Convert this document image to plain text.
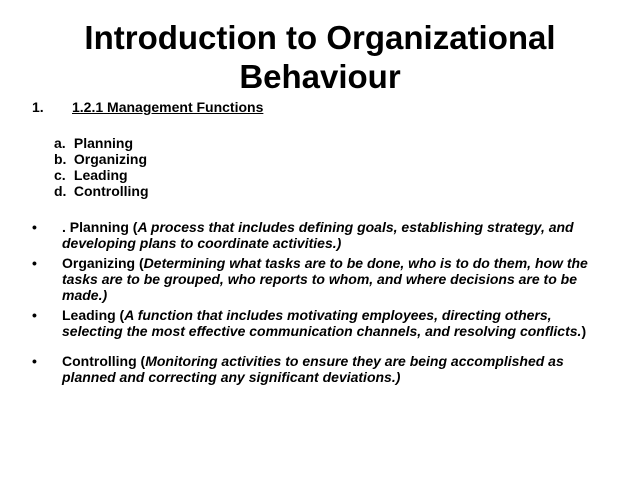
Introduction to Organizational Behaviour
1. 1.2.1 Management Functions
a. Planning
b. Organizing
c. Leading
d. Controlling
•	. Planning (A process that includes defining goals, establishing strategy, and developing plans to coordinate activities.)
•	Organizing (Determining what tasks are to be done, who is to do them, how the tasks are to be grouped, who reports to whom, and where decisions are to be made.)
•	Leading (A function that includes motivating employees, directing others, selecting the most effective communication channels, and resolving conflicts.)
•	Controlling (Monitoring activities to ensure they are being accomplished as planned and correcting any significant deviations.)
